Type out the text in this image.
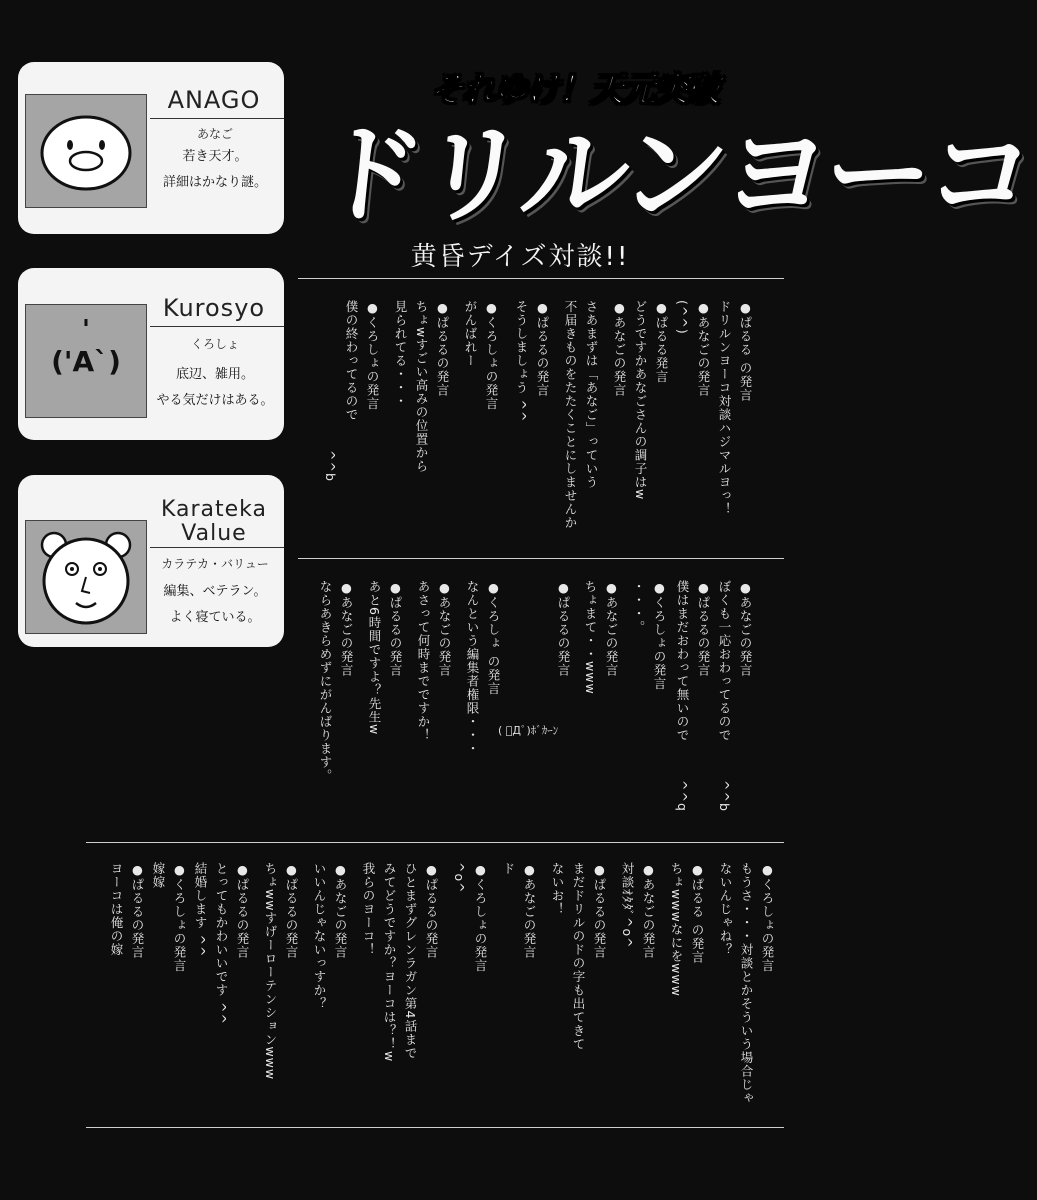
ANAGO
あなご
若き天才。
詳細はかなり謎。
'
('A`)
Kurosyo
くろしょ
底辺、雑用。
やる気だけはある。
Karateka
Value
カラテカ・バリュー
編集、ベテラン。
よく寝ている。
それゆけ！天元突破
ドリルンヨーコ
黄昏デイズ対談!!
●ぱるる の発言
ドリルンヨーコ対談ハジマルヨっ！
●あなごの発言
(^^)
●ぱるる発言
どうですかあなごさんの調子はw
●あなごの発言
さあまずは「あなご」っていう
不届きものをたたくことにしませんか
●ぱるるの発言
そうしましょう ^^
●くろしょの発言
がんばれー
●ぱるるの発言
ちょwすごい高みの位置から
見られてる・・・
●くろしょの発言
僕の終わってるので
^^b
●あなごの発言
ぼくも一応おわってるので
^^b
●ぱるるの発言
僕はまだおわって無いので
^^q
●くろしょの発言
・・・。
●あなごの発言
ちょまて・・www
●ぱるるの発言
●くろしょ の発言
なんという編集者権限・・・
●あなごの発言
あさって何時までですか！
●ぱるるの発言
あと6時間ですよ？先生w
●あなごの発言
ならあきらめずにがんばります。	( ﾟДﾟ)ﾎﾞｶｰﾝ
●くろしょの発言
もうさ・・・対談とかそういう場合じゃ
ないんじゃね？
●ぱるる の発言
ちょwwwなにをwww
●あなごの発言
対談ｵﾀﾀﾞ^o^
●ぱるるの発言
まだドリルのドの字も出てきて
ないお！
●あなごの発言
ド
●くろしょの発言
^o^
●ぱるるの発言
ひとまずグレンラガン第4話まで
みてどうですか？ヨーコは？！w
我らのヨーコ！
●あなごの発言
いいんじゃないっすか？
●ぱるるの発言
ちょwwすげーローテンションwww
●ぱるるの発言
とってもかわいいです ^^
結婚します ^^
●くろしょの発言
嫁嫁
●ぱるるの発言
ヨーコは俺の嫁
